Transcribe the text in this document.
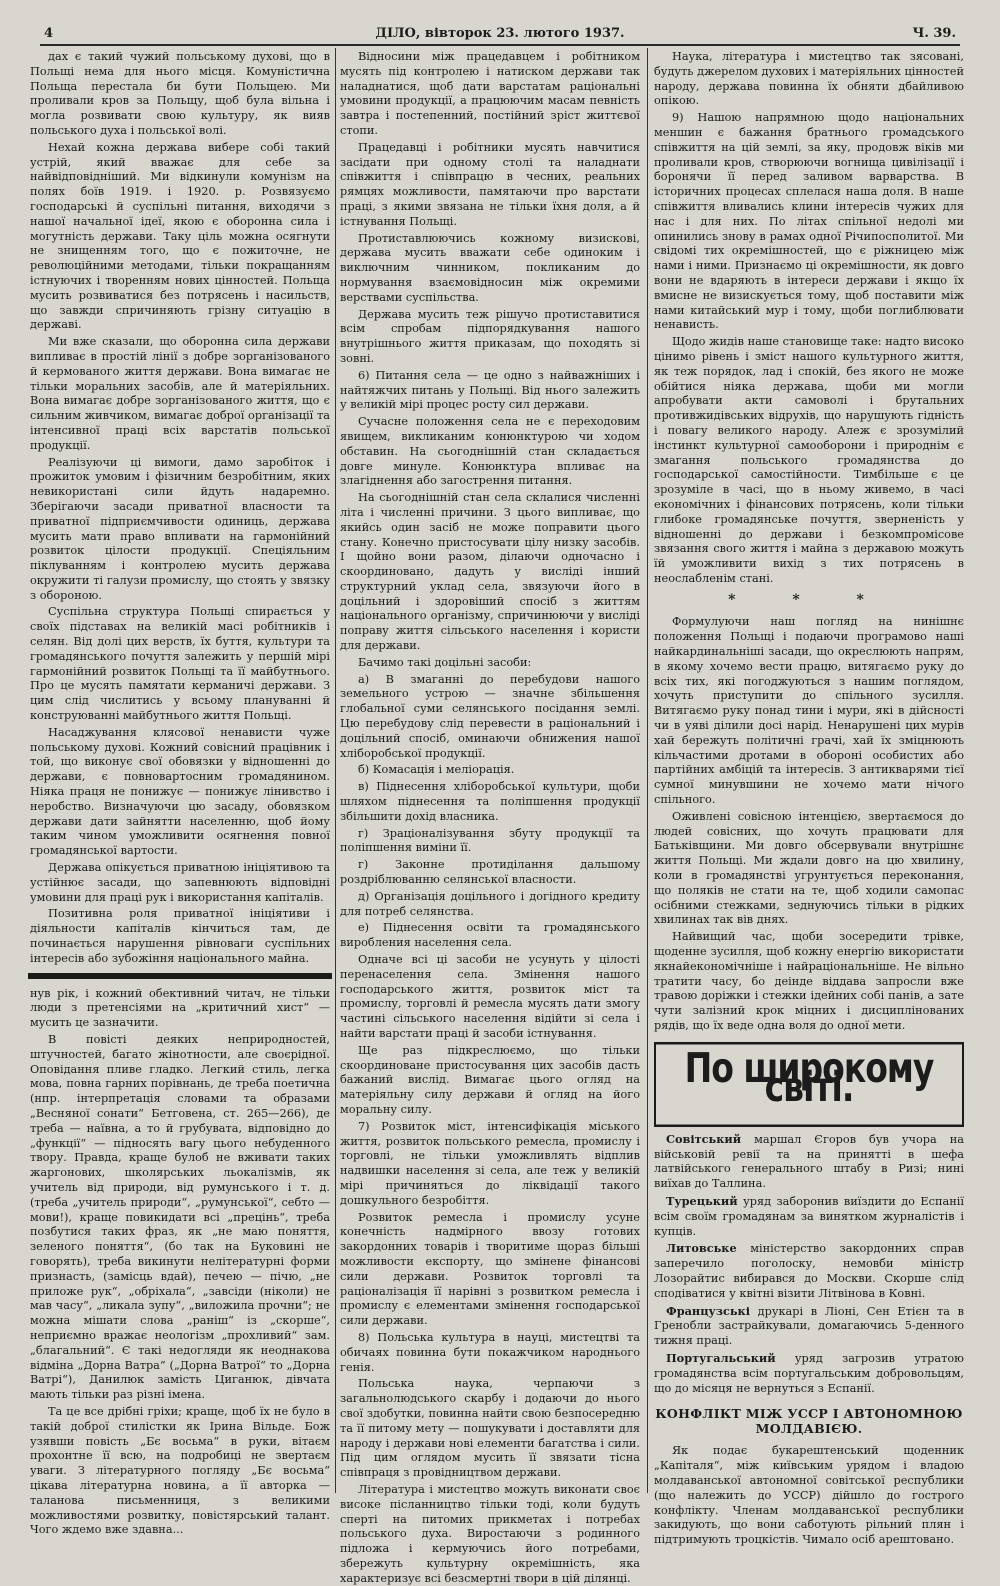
4	ДІЛО, вівторок 23. лютого 1937.	Ч. 39.

дах є такий чужий польському духові, що в Польщі нема для нього місця. Комуністична Польща перестала би бути Польщею. Ми проливали кров за Польщу, щоб була вільна і могла розвивати свою культуру, як вияв польського духа і польської волі.

Нехай кожна держава вибере собі такий устрій, який вважає для себе за найвідповідніший. Ми відкинули комунізм на полях боїв 1919. і 1920. р. Розвязуємо господарські й суспільні питання, виходячи з нашої начальної ідеї, якою є оборонна сила і могутність держави. Таку ціль можна осягнути не знищенням того, що є пожиточне, не революційними методами, тільки покращанням істнуючих і творенням нових цінностей. Польща мусить розвиватися без потрясень і насильств, що завжди спричиняють грізну ситуацію в державі.

Ми вже сказали, що оборонна сила держави випливає в простій лінії з добре зорганізованого й кермованого життя держави. Вона вимагає не тільки моральних засобів, але й матеріяльних. Вона вимагає добре зорганізованого життя, що є сильним живчиком, вимагає доброї організації та інтенсивної праці всіх варстатів польської продукції.

Реалізуючи ці вимоги, дамо заробіток і прожиток умовим і фізичним безробітним, яких невикористані сили йдуть надаремно. Зберігаючи засади приватної власности та приватної підприємчивости одиниць, держава мусить мати право впливати на гармонійний розвиток цілости продукції. Спеціяльним піклуванням і контролею мусить держава окружити ті галузи промислу, що стоять у звязку з обороною.

Суспільна структура Польщі спирається у своїх підставах на великій масі робітників і селян. Від долі цих верств, їх буття, культури та громадянського почуття залежить у першій мірі гармонійний розвиток Польщі та її майбутнього. Про це мусять памятати керманичі держави. З цим слід числитись у всьому плануванні й конструюванні майбутнього життя Польщі.

Насаджування клясової ненависти чуже польському духові. Кожний совісний працівник і той, що виконує свої обовязки у відношенні до держави, є повновартосним громадянином. Ніяка праця не понижує — понижує лінивство і неробство. Визначуючи цю засаду, обовязком держави дати зайнятти населенню, щоб йому таким чином уможливити осягнення повної громадянської вартости.

Держава опікується приватною ініціятивою та устійнює засади, що запевнюють відповідні умовини для праці рук і використання капіталів.

Позитивна роля приватної ініціятиви і діяльности капіталів кінчиться там, де починається нарушення рівноваги суспільних інтересів або зубожіння національного майна.

нув рік, і кожний обективний читач, не тільки люди з претенсіями на „критичний хист“ — мусить це зазначити.

В повісті деяких неприродностей, штучностей, багато жінотности, але своєрідної. Оповідання пливе гладко. Легкий стиль, легка мова, повна гарних порівнань, де треба поетична (нпр. інтерпретація словами та образами „Весняної сонати“ Бетговена, ст. 265—266), де треба — наївна, а то й грубувата, відповідно до „функції“ — підносять вагу цього небуденного твору. Правда, краще булоб не вживати таких жаргонових, школярських льокалізмів, як учитель від природи, від румунського і т. д. (треба „учитель природи“, „румунської“, себто — мови!), краще повикидати всі „прецінь“, треба позбутися таких фраз, як „не маю поняття, зеленого поняття“, (бо так на Буковині не говорять), треба викинути нелітературні форми признасть, (замісць вдай), печею — пічю, „не приложе рук“, „обріхала“, „завсіди (ніколи) не мав часу“, „ликала зупу“, „виложила прочни“; не можна мішати слова „раніш“ із „скорше“, неприємно вражає неологізм „прохливий“ зам. „благальний“. Є такі недогляди як неоднакова відміна „Дорна Ватра“ („Дорна Ватрої“ то „Дорна Ватрі“), Данилюк замість Циганюк, дівчата мають тільки раз різні імена.

Та це все дрібні гріхи; краще, щоб їх не було в такій доброї стилістки як Ірина Вільде. Бож узявши повість „Бє восьма“ в руки, вітаєм прохонтне її всю, на подробиці не звертаєм уваги. З літературного погляду „Бє восьма“ цікава літературна новина, а її авторка — таланова письменниця, з великими можливостями розвитку, повістярський талант. Чого ждемо вже здавна...

Відносини між працедавцем і робітником мусять під контролею і натиском держави так наладнатися, щоб дати варстатам раціональні умовини продукції, а працюючим масам певність завтра і постепенний, постійний зріст життєвої стопи.

Працедавці і робітники мусять навчитися засідати при одному столі та наладнати співжиття і співпрацю в чесних, реальних рямцях можливости, памятаючи про варстати праці, з якими звязана не тільки їхня доля, а й істнування Польщі.

Протиставлюючись кожному визискові, держава мусить вважати себе одиноким і виключним чинником, покликаним до нормування взаємовідносин між окремими верствами суспільства.

Держава мусить теж рішучо протиставитися всім спробам підпорядкування нашого внутрішнього життя приказам, що походять зі зовні.

6) Питання села — це одно з найважніших і найтяжчих питань у Польщі. Від нього залежить у великій мірі процес росту сил держави.

Сучасне положення села не є переходовим явищем, викликаним конюнктурою чи ходом обставин. На сьогоднішній стан складається довге минуле. Конюнктура впливає на злагіднення або загострення питання.

На сьогоднішній стан села склалися численні літа і численні причини. З цього випливає, що якийсь один засіб не може поправити цього стану. Конечно пристосувати цілу низку засобів. І щойно вони разом, ділаючи одночасно і скоординовано, дадуть у висліді інший структурний уклад села, звязуючи його в доцільний і здоровіший спосіб з життям національного організму, спричинюючи у висліді поправу життя сільського населення і користи для держави.

Бачимо такі доцільні засоби:

а) В змаганні до перебудови нашого земельного устрою — значне збільшення глобальної суми селянського посідання землі. Цю перебудову слід перевести в раціональний і доцільний спосіб, оминаючи обнижения нашої хліборобської продукції.

б) Комасація і меліорація.

в) Піднесення хліборобської культури, щоби шляхом піднесення та поліпшення продукції збільшити дохід власника.

г) Зраціоналізування збуту продукції та поліпшення виміни її.

г) Законне протиділання дальшому роздріблюванню селянської власности.

д) Організація доцільного і догідного кредиту для потреб селянства.

е) Піднесення освіти та громадянського виробления населення села.

Одначе всі ці засоби не усунуть у цілості перенаселення села. Змінення нашого господарського життя, розвиток міст та промислу, торговлі й ремесла мусять дати змогу частині сільського населення відійти зі села і найти варстати праці й засоби істнування.

Ще раз підкреслюємо, що тільки скоординоване пристосування цих засобів дасть бажаний вислід. Вимагає цього огляд на матеріяльну силу держави й огляд на його моральну силу.

7) Розвиток міст, інтенсифікація міського життя, розвиток польського ремесла, промислу і торговлі, не тільки уможливлять відплив надвишки населення зі села, але теж у великій мірі причиняться до ліквідації такого дошкульного безробіття.

Розвиток ремесла і промислу усуне конечність надмірного ввозу готових закордонних товарів і творитиме щораз більші можливости експорту, що змінене фінансові сили держави. Розвиток торговлі та раціоналізація її нарівні з розвитком ремесла і промислу є елементами змінення господарської сили держави.

8) Польська культура в науці, мистецтві та обичаях повинна бути покажчиком народнього генія.

Польська наука, черпаючи з загальнолюдського скарбу і додаючи до нього свої здобутки, повинна найти свою безпосередню та її питому мету — пошукувати і доставляти для народу і держави нові елементи багатства і сили. Під цим оглядом мусить її звязати тісна співпраця з провідництвом держави.

Література і мистецтво можуть виконати своє високе післанництво тільки тоді, коли будуть сперті на питомих прикметах і потребах польського духа. Виростаючи з родинного підложа і кермуючись його потребами, збережуть культурну окремішність, яка характеризує всі безсмертні твори в цій ділянці.

Наука, література і мистецтво так зясовані, будуть джерелом духових і матеріяльних цінностей народу, держава повинна їх обняти дбайливою опікою.

9) Нашою напрямною щодо національних меншин є бажання братнього громадського співжиття на цій землі, за яку, продовж віків ми проливали кров, створюючи вогнища цивілізації і боронячи її перед заливом варварства. В історичних процесах сплелася наша доля. В наше співжиття вливались клини інтересів чужих для нас і для них. По літах спільної недолі ми опинились знову в рамах одної Річипосполитої. Ми свідомі тих окремішностей, що є ріжницею між нами і ними. Признаємо ці окремішности, як довго вони не вдаряють в інтереси держави і якщо їх вмисне не визискується тому, щоб поставити між нами китайський мур і тому, щоби поглиблювати ненависть.

Щодо жидів наше становище таке: надто високо цінимо рівень і зміст нашого культурного життя, як теж порядок, лад і спокій, без якого не може обійтися ніяка держава, щоби ми могли апробувати акти самоволі і брутальних противжидівських відрухів, що нарушують гідність і повагу великого народу. Алеж є зрозумілий інстинкт культурної самооборони і природнім є змагання польського громадянства до господарської самостійности. Тимбільше є це зрозуміле в часі, що в ньому живемо, в часі економічних і фінансових потрясень, коли тільки глибоке громадянське почуття, зверненість у відношенні до держави і безкомпромісове звязання свого життя і майна з державою можуть їй уможливити вихід з тих потрясень в неослабленім стані.

* * *

Формулуючи наш погляд на нинішнє положення Польщі і подаючи програмово наші найкардинальніші засади, що окреслюють напрям, в якому хочемо вести працю, витягаємо руку до всіх тих, які погоджуються з нашим поглядом, хочуть приступити до спільного зусилля. Витягаємо руку понад тини і мури, які в дійсності чи в уяві ділили досі нарід. Ненарушені цих мурів хай бережуть політичні грачі, хай їх зміцнюють кільчастими дротами в обороні особистих або партійних амбіцій та інтересів. З антикварями тієї сумної минувшини не хочемо мати нічого спільного.

Оживлені совісною інтенцією, звертаємося до людей совісних, що хочуть працювати для Батьківщини. Ми довго обсервували внутрішнє життя Польщі. Ми ждали довго на цю хвилину, коли в громадянстві угрунтується переконання, що поляків не стати на те, щоб ходили самопас осібними стежками, зеднуючись тільки в рідких хвилинах так вів днях.

Найвищий час, щоби зосередити трівке, щоденне зусилля, щоб кожну енергію використати якнайекономічніше і найраціональніше. Не вільно тратити часу, бо деінде віддава запросли вже травою доріжки і стежки ідейних собі панів, а зате чути залізний крок міцних і дисциплінованих рядів, що їх веде одна воля до одної мети.

По широкому світі.

Совітський маршал Єгоров був учора на військовій ревії та на принятті в шефа латвійського генерального штабу в Ризі; нині виїхав до Таллина.

Турецький уряд заборонив виїздити до Еспанії всім своїм громадянам за винятком журналістів і купців.

Литовське міністерство закордонних справ заперечило поголоску, немовби міністр Лозорайтис вибирався до Москви. Скорше слід сподіватися у квітні візити Літвінова в Ковні.

Французські друкарі в Ліоні, Сен Етієн та в Гренобли застрайкували, домагаючись 5-денного тижня праці.

Португальський уряд загрозив утратою громадянства всім португальським добровольцям, що до місяця не вернуться з Еспанії.

КОНФЛІКТ МІЖ УССР І АВТОНОМНОЮ МОЛДАВІЄЮ.

Як подає букарештенський щоденник „Капіталя“, між київським урядом і владою молдаванської автономної совітської республики (що належить до УССР) дійшло до гострого конфлікту. Членам молдаванської республики закидують, що вони саботують рільний плян і підтримують троцкістів. Чимало осіб арештовано.
